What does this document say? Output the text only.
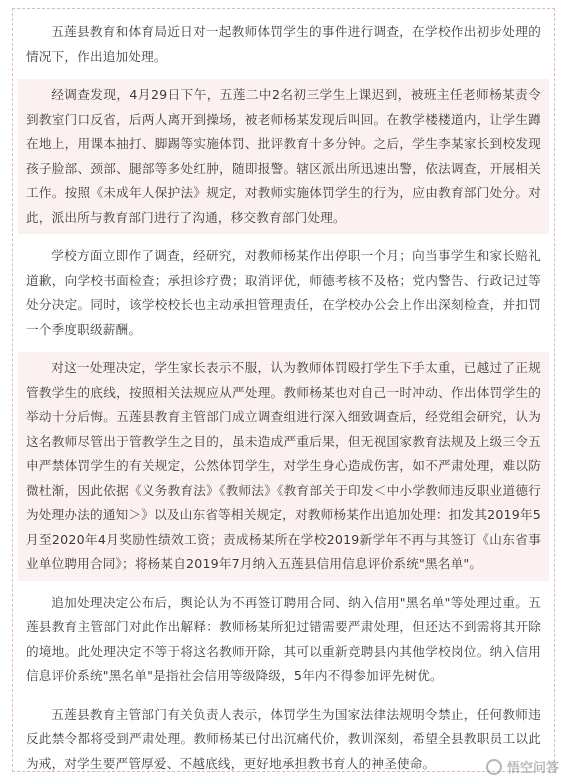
五莲县教育和体育局近日对一起教师体罚学生的事件进行调查，在学校作出初步处理的情况下，作出追加处理。

经调查发现，4月29日下午，五莲二中2名初三学生上课迟到，被班主任老师杨某责令到教室门口反省，后两人离开到操场，被老师杨某发现后叫回。在教学楼楼道内，让学生蹲在地上，用课本抽打、脚踢等实施体罚、批评教育十多分钟。之后，学生李某家长到校发现孩子脸部、颈部、腿部等多处红肿，随即报警。辖区派出所迅速出警，依法调查，开展相关工作。按照《未成年人保护法》规定，对教师实施体罚学生的行为，应由教育部门处分。对此，派出所与教育部门进行了沟通，移交教育部门处理。

学校方面立即作了调查，经研究，对教师杨某作出停职一个月；向当事学生和家长赔礼道歉，向学校书面检查；承担诊疗费；取消评优，师德考核不及格；党内警告、行政记过等处分决定。同时，该学校校长也主动承担管理责任，在学校办公会上作出深刻检查，并扣罚一个季度职级薪酬。

对这一处理决定，学生家长表示不服，认为教师体罚殴打学生下手太重，已越过了正规管教学生的底线，按照相关法规应从严处理。教师杨某也对自己一时冲动、作出体罚学生的举动十分后悔。五莲县教育主管部门成立调查组进行深入细致调查后，经党组会研究，认为这名教师尽管出于管教学生之目的，虽未造成严重后果，但无视国家教育法规及上级三令五申严禁体罚学生的有关规定，公然体罚学生，对学生身心造成伤害，如不严肃处理，难以防微杜渐，因此依据《义务教育法》《教师法》《教育部关于印发＜中小学教师违反职业道德行为处理办法的通知＞》以及山东省等相关规定，对教师杨某作出追加处理：扣发其2019年5月至2020年4月奖励性绩效工资；责成杨某所在学校2019新学年不再与其签订《山东省事业单位聘用合同》；将杨某自2019年7月纳入五莲县信用信息评价系统"黑名单"。

追加处理决定公布后，舆论认为不再签订聘用合同、纳入信用"黑名单"等处理过重。五莲县教育主管部门对此作出解释：教师杨某所犯过错需要严肃处理，但还达不到需将其开除的境地。此处理决定不等于将这名教师开除，其可以重新竞聘县内其他学校岗位。纳入信用信息评价系统"黑名单"是指社会信用等级降级，5年内不得参加评先树优。

五莲县教育主管部门有关负责人表示，体罚学生为国家法律法规明令禁止，任何教师违反此禁令都将受到严肃处理。教师杨某已付出沉痛代价，教训深刻，希望全县教职员工以此为戒，对学生要严管厚爱、不越底线，更好地承担教书育人的神圣使命。	悟空问答
